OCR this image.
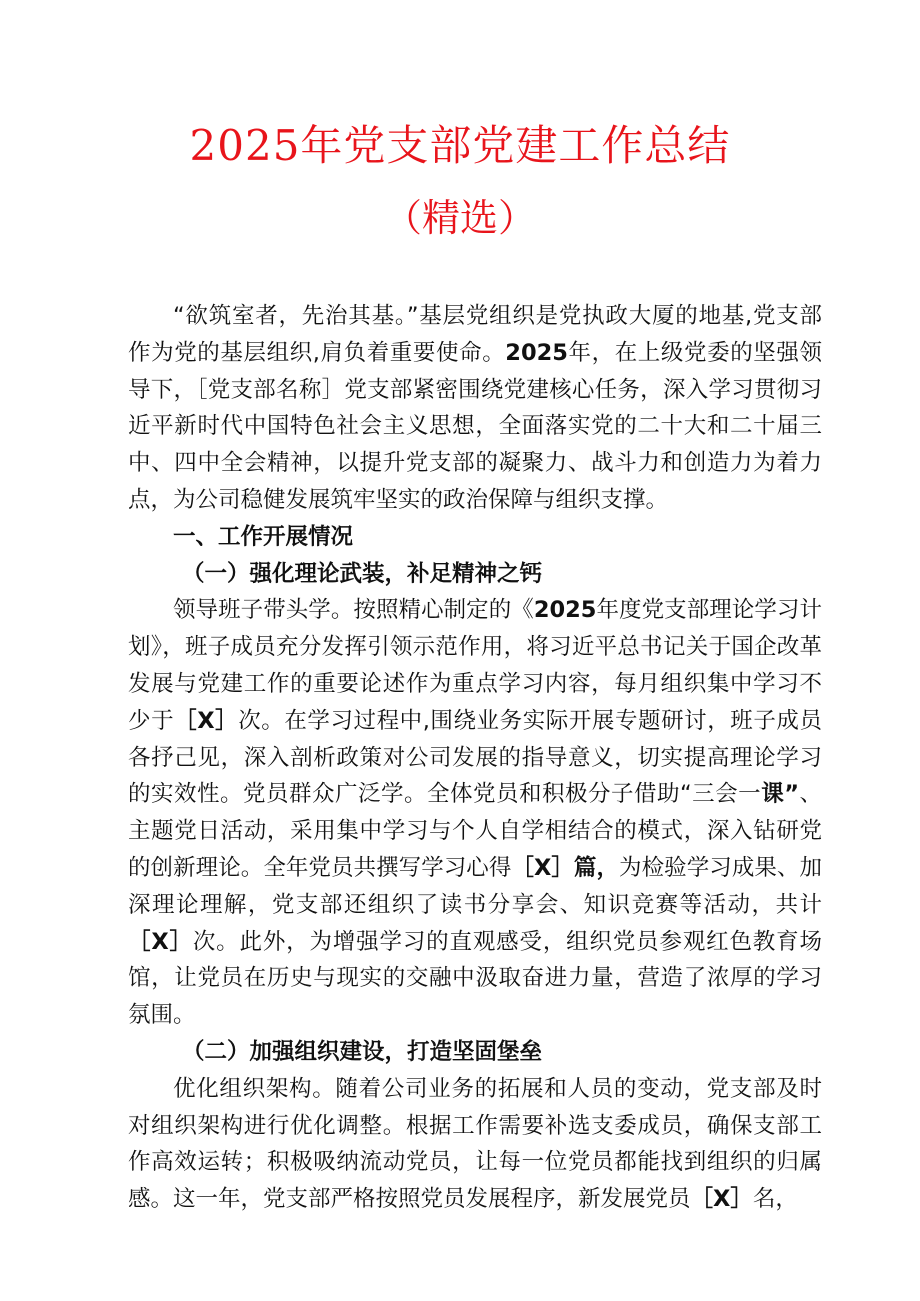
2025年党支部党建工作总结
（精选）

“欲筑室者，先治其基。”基层党组织是党执政大厦的地基,党支部作为党的基层组织,肩负着重要使命。2025年，在上级党委的坚强领导下，［党支部名称］党支部紧密围绕党建核心任务，深入学习贯彻习近平新时代中国特色社会主义思想，全面落实党的二十大和二十届三中、四中全会精神，以提升党支部的凝聚力、战斗力和创造力为着力点，为公司稳健发展筑牢坚实的政治保障与组织支撑。

一、工作开展情况

（一）强化理论武装，补足精神之钙

领导班子带头学。按照精心制定的《2025年度党支部理论学习计划》，班子成员充分发挥引领示范作用，将习近平总书记关于国企改革发展与党建工作的重要论述作为重点学习内容，每月组织集中学习不少于［X］次。在学习过程中,围绕业务实际开展专题研讨，班子成员各抒己见，深入剖析政策对公司发展的指导意义，切实提高理论学习的实效性。党员群众广泛学。全体党员和积极分子借助“三会一课”、主题党日活动，采用集中学习与个人自学相结合的模式，深入钻研党的创新理论。全年党员共撰写学习心得［X］篇，为检验学习成果、加深理论理解，党支部还组织了读书分享会、知识竞赛等活动，共计［X］次。此外，为增强学习的直观感受，组织党员参观红色教育场馆，让党员在历史与现实的交融中汲取奋进力量，营造了浓厚的学习氛围。

（二）加强组织建设，打造坚固堡垒

优化组织架构。随着公司业务的拓展和人员的变动，党支部及时对组织架构进行优化调整。根据工作需要补选支委成员，确保支部工作高效运转；积极吸纳流动党员，让每一位党员都能找到组织的归属感。这一年，党支部严格按照党员发展程序，新发展党员［X］名，
